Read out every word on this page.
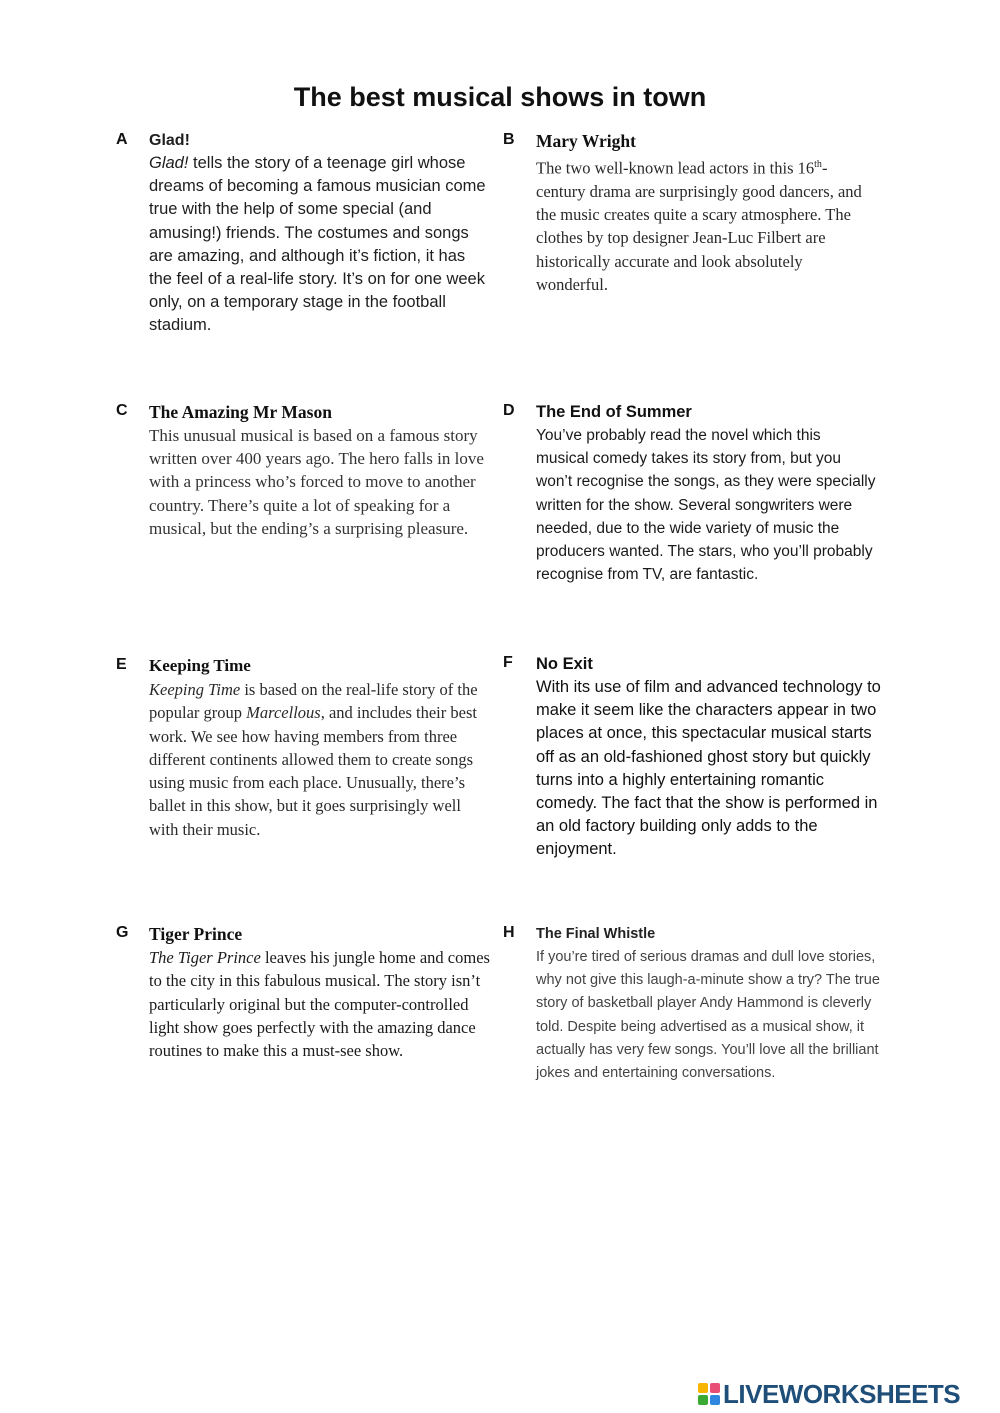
The best musical shows in town
A Glad!

Glad! tells the story of a teenage girl whose dreams of becoming a famous musician come true with the help of some special (and amusing!) friends. The costumes and songs are amazing, and although it’s fiction, it has the feel of a real-life story. It’s on for one week only, on a temporary stage in the football stadium.

B Mary Wright

The two well-known lead actors in this 16th-century drama are surprisingly good dancers, and the music creates quite a scary atmosphere. The clothes by top designer Jean-Luc Filbert are historically accurate and look absolutely wonderful.

C The Amazing Mr Mason

This unusual musical is based on a famous story written over 400 years ago. The hero falls in love with a princess who’s forced to move to another country. There’s quite a lot of speaking for a musical, but the ending’s a surprising pleasure.

D The End of Summer

You’ve probably read the novel which this musical comedy takes its story from, but you won’t recognise the songs, as they were specially written for the show. Several songwriters were needed, due to the wide variety of music the producers wanted. The stars, who you’ll probably recognise from TV, are fantastic.

E Keeping Time

Keeping Time is based on the real-life story of the popular group Marcellous, and includes their best work. We see how having members from three different continents allowed them to create songs using music from each place. Unusually, there’s ballet in this show, but it goes surprisingly well with their music.

F No Exit

With its use of film and advanced technology to make it seem like the characters appear in two places at once, this spectacular musical starts off as an old-fashioned ghost story but quickly turns into a highly entertaining romantic comedy. The fact that the show is performed in an old factory building only adds to the enjoyment.

G Tiger Prince

The Tiger Prince leaves his jungle home and comes to the city in this fabulous musical. The story isn’t particularly original but the computer-controlled light show goes perfectly with the amazing dance routines to make this a must-see show.

H The Final Whistle

If you’re tired of serious dramas and dull love stories, why not give this laugh-a-minute show a try? The true story of basketball player Andy Hammond is cleverly told. Despite being advertised as a musical show, it actually has very few songs. You’ll love all the brilliant jokes and entertaining conversations.

LIVEWORKSHEETS
